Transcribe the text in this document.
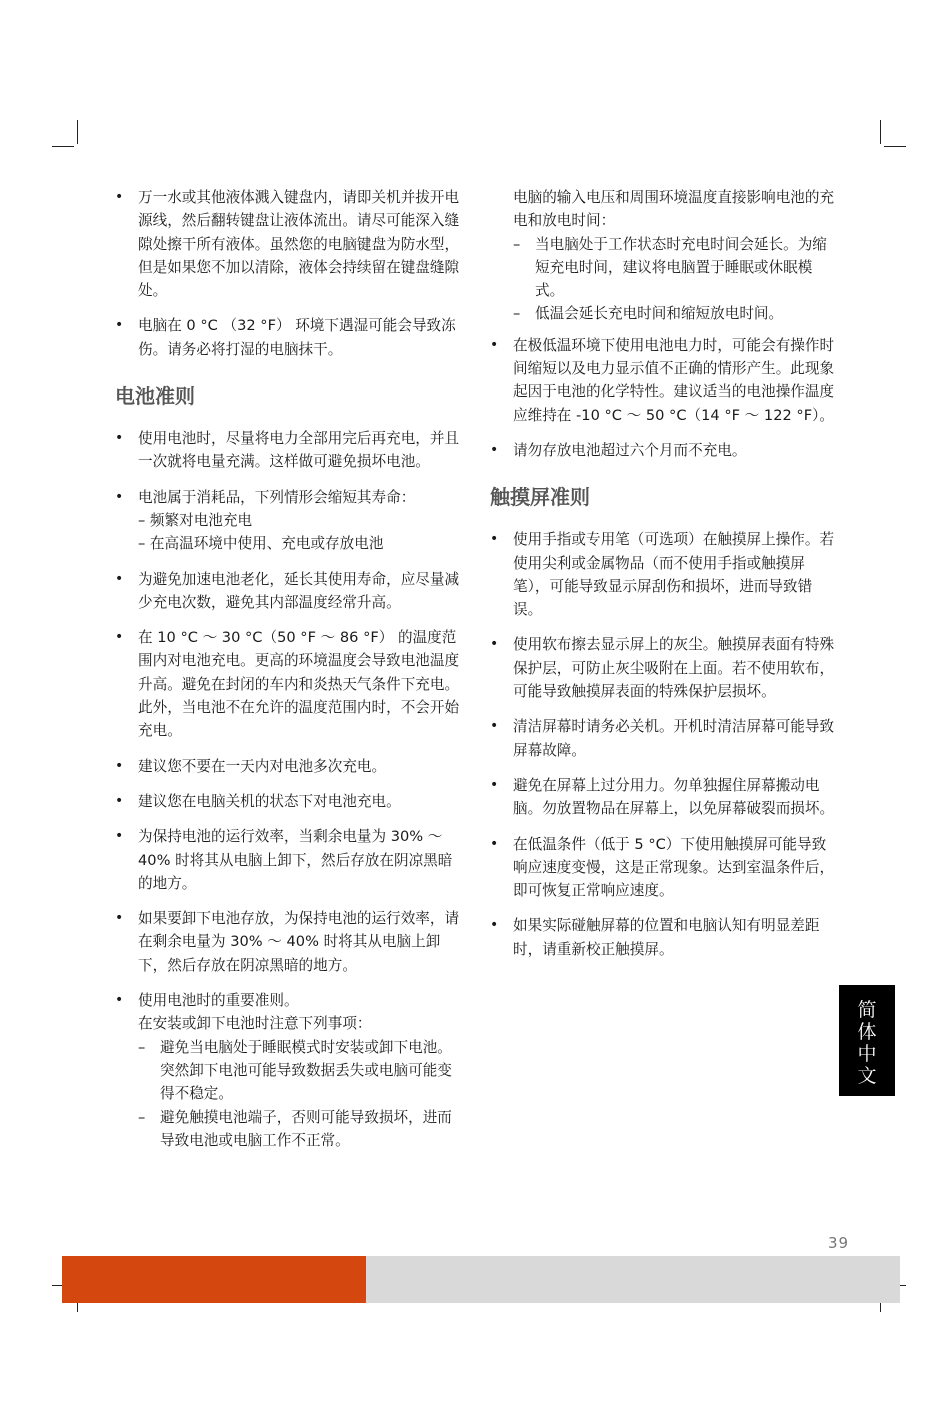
• 万一水或其他液体溅入键盘内，请即关机并拔开电源线，然后翻转键盘让液体流出。请尽可能深入缝隙处擦干所有液体。虽然您的电脑键盘为防水型，但是如果您不加以清除，液体会持续留在键盘缝隙处。
• 电脑在 0 °C （32 °F） 环境下遇湿可能会导致冻伤。请务必将打湿的电脑抹干。
电池准则
• 使用电池时，尽量将电力全部用完后再充电，并且一次就将电量充满。这样做可避免损坏电池。
• 电池属于消耗品，下列情形会缩短其寿命：
– 频繁对电池充电
– 在高温环境中使用、充电或存放电池
• 为避免加速电池老化，延长其使用寿命，应尽量减少充电次数，避免其内部温度经常升高。
• 在 10 °C ～ 30 °C（50 °F ～ 86 °F） 的温度范围内对电池充电。更高的环境温度会导致电池温度升高。避免在封闭的车内和炎热天气条件下充电。此外，当电池不在允许的温度范围内时，不会开始充电。
• 建议您不要在一天内对电池多次充电。
• 建议您在电脑关机的状态下对电池充电。
• 为保持电池的运行效率，当剩余电量为 30% ～ 40% 时将其从电脑上卸下，然后存放在阴凉黑暗的地方。
• 如果要卸下电池存放，为保持电池的运行效率，请在剩余电量为 30% ～ 40% 时将其从电脑上卸下，然后存放在阴凉黑暗的地方。
• 使用电池时的重要准则。
在安装或卸下电池时注意下列事项：
– 避免当电脑处于睡眠模式时安装或卸下电池。突然卸下电池可能导致数据丢失或电脑可能变得不稳定。
– 避免触摸电池端子，否则可能导致损坏，进而导致电池或电脑工作不正常。

电脑的输入电压和周围环境温度直接影响电池的充电和放电时间：

– 当电脑处于工作状态时充电时间会延长。为缩短充电时间，建议将电脑置于睡眠或休眠模式。
– 低温会延长充电时间和缩短放电时间。
• 在极低温环境下使用电池电力时，可能会有操作时间缩短以及电力显示值不正确的情形产生。此现象起因于电池的化学特性。建议适当的电池操作温度应维持在 -10 °C ～ 50 °C（14 °F ～ 122 °F）。
• 请勿存放电池超过六个月而不充电。
触摸屏准则
• 使用手指或专用笔（可选项）在触摸屏上操作。若使用尖利或金属物品（而不使用手指或触摸屏笔），可能导致显示屏刮伤和损坏，进而导致错误。
• 使用软布擦去显示屏上的灰尘。触摸屏表面有特殊保护层，可防止灰尘吸附在上面。若不使用软布，可能导致触摸屏表面的特殊保护层损坏。
• 清洁屏幕时请务必关机。开机时清洁屏幕可能导致屏幕故障。
• 避免在屏幕上过分用力。勿单独握住屏幕搬动电脑。勿放置物品在屏幕上，以免屏幕破裂而损坏。
• 在低温条件（低于 5 °C）下使用触摸屏可能导致响应速度变慢，这是正常现象。达到室温条件后，即可恢复正常响应速度。
• 如果实际碰触屏幕的位置和电脑认知有明显差距时，请重新校正触摸屏。
简
体
中
文
39
